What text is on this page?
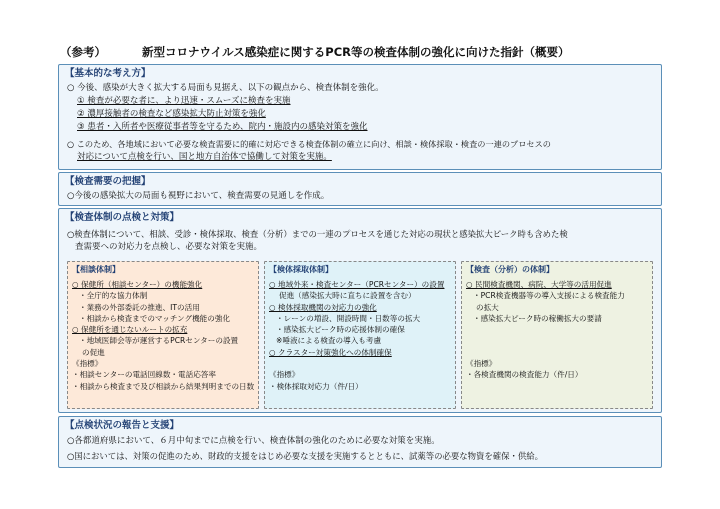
（参考）	新型コロナウイルス感染症に関するPCR等の検査体制の強化に向けた指針（概要）
【基本的な考え方】
○ 今後、感染が大きく拡大する局面も見据え、以下の観点から、検査体制を強化。
① 検査が必要な者に、より迅速・スムーズに検査を実施
② 濃厚接触者の検査など感染拡大防止対策を強化
③ 患者・入所者や医療従事者等を守るため、院内・施設内の感染対策を強化
○ このため、各地域において必要な検査需要に的確に対応できる検査体制の確立に向け、相談・検体採取・検査の一連のプロセスの
対応について点検を行い、国と地方自治体で協働して対策を実施。
【検査需要の把握】
○今後の感染拡大の局面も視野において、検査需要の見通しを作成。
【検査体制の点検と対策】
○検査体制について、相談、受診・検体採取、検査（分析）までの一連のプロセスを通じた対応の現状と感染拡大ピーク時も含めた検
査需要への対応力を点検し、必要な対策を実施。
【相談体制】
○ 保健所（相談センター）の機能強化
・全庁的な協力体制
・業務の外部委託の推進、ITの活用
・相談から検査までのマッチング機能の強化
○ 保健所を通じないルートの拡充
・地域医師会等が運営するPCRセンターの設置
の促進
《指標》
・相談センターの電話回線数・電話応答率
・相談から検査まで及び相談から結果判明までの日数
【検体採取体制】
○ 地域外来・検査センター（PCRセンター）の設置
促進（感染拡大時に直ちに設置を含む）
○ 検体採取機関の対応力の強化
・レーンの増設、開設時間・日数等の拡大
・感染拡大ピーク時の応援体制の確保
※唾液による検査の導入も考慮
○ クラスター対策強化への体制確保

《指標》
・検体採取対応力（件/日）
【検査（分析）の体制】
○ 民間検査機関、病院、大学等の活用促進
・PCR検査機器等の導入支援による検査能力
の拡大
・感染拡大ピーク時の稼働拡大の要請

《指標》
・各検査機関の検査能力（件/日）
【点検状況の報告と支援】
○各都道府県において、６月中旬までに点検を行い、検査体制の強化のために必要な対策を実施。
○国においては、対策の促進のため、財政的支援をはじめ必要な支援を実施するとともに、試薬等の必要な物資を確保・供給。
